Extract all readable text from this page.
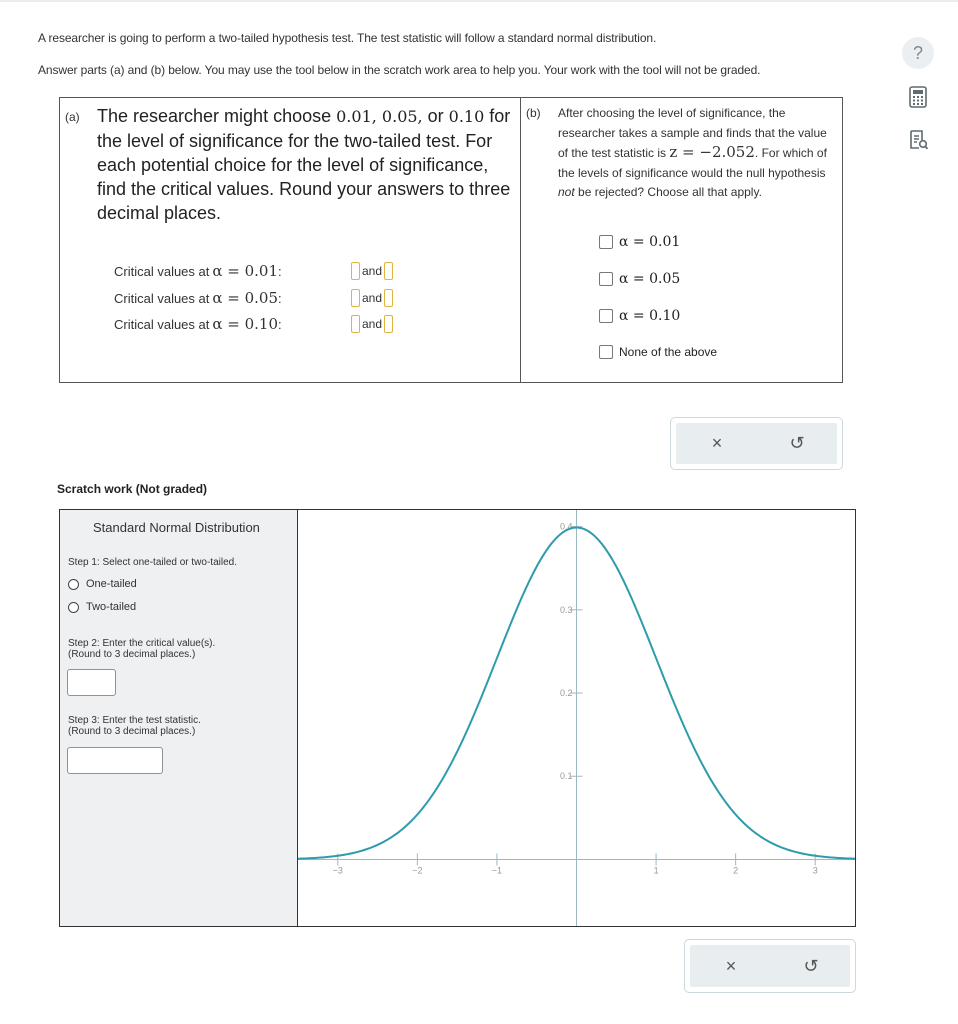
A researcher is going to perform a two-tailed hypothesis test. The test statistic will follow a standard normal distribution.
Answer parts (a) and (b) below. You may use the tool below in the scratch work area to help you. Your work with the tool will not be graded.
?
(a) The researcher might choose 0.01, 0.05, or 0.10 for the level of significance for the two-tailed test. For each potential choice for the level of significance, find the critical values. Round your answers to three decimal places.
Critical values at α = 0.01 :	and
Critical values at α = 0.05 :	and
Critical values at α = 0.10 :	and
(b) After choosing the level of significance, the researcher takes a sample and finds that the value of the test statistic is z = −2.052. For which of the levels of significance would the null hypothesis not be rejected? Choose all that apply.
α = 0.01
α = 0.05
α = 0.10
None of the above
×	↺
Scratch work (Not graded)
Standard Normal Distribution
Step 1: Select one-tailed or two-tailed.
One-tailed
Two-tailed
Step 2: Enter the critical value(s).
(Round to 3 decimal places.)
Step 3: Enter the test statistic.
(Round to 3 decimal places.)
−3	−2	−1	1	2	3
0.1
0.2
0.3
0.4
×	↺
